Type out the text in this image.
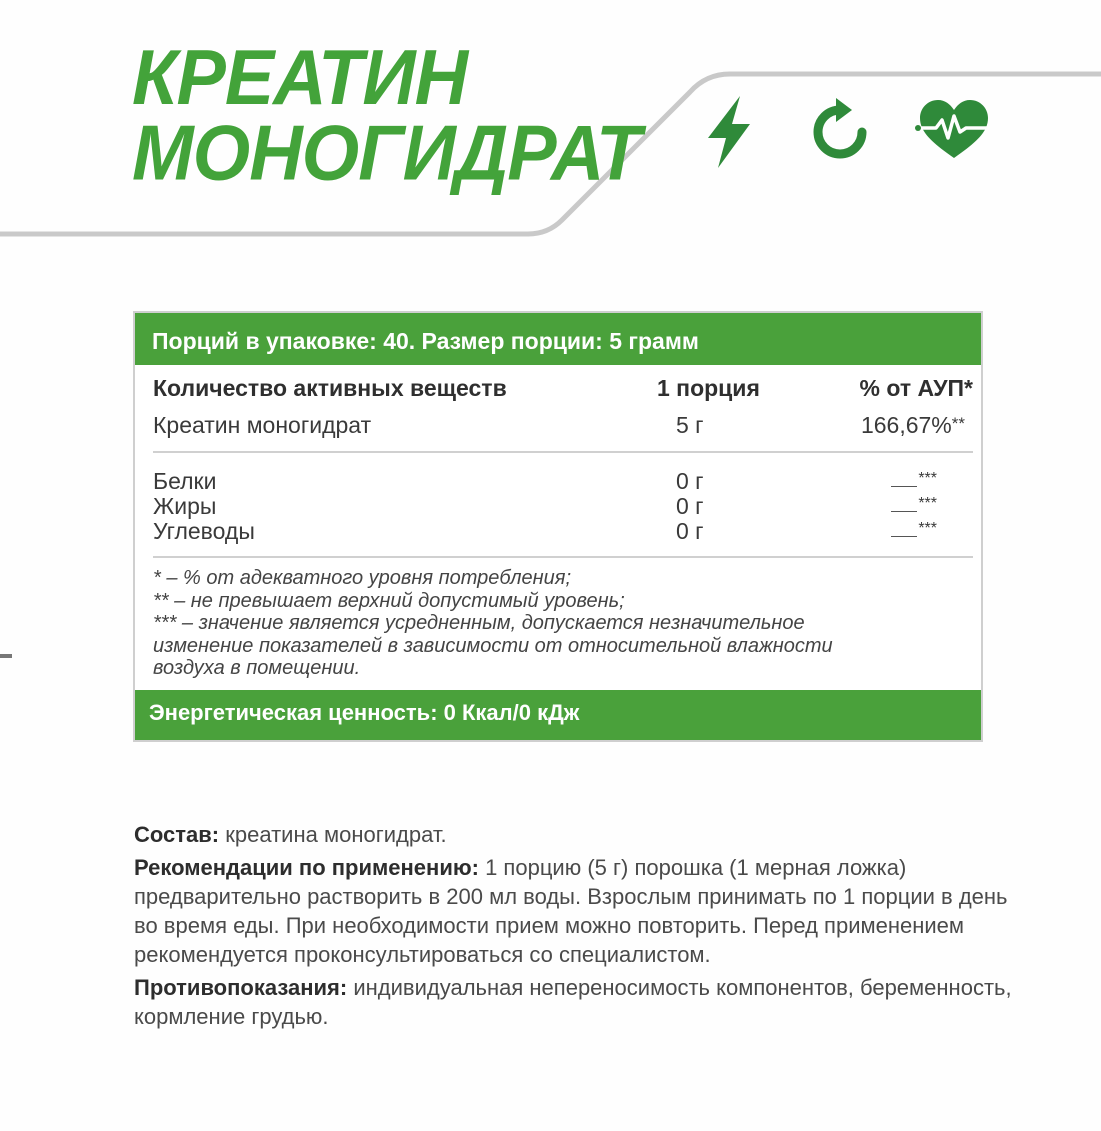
КРЕАТИН
МОНОГИДРАТ
Порций в упаковке: 40. Размер порции: 5 грамм
Количество активных веществ	1 порция	% от АУП*
Креатин моногидрат	5 г	166,67%**
Белки	0 г	***
Жиры	0 г	***
Углеводы	0 г	***
* – % от адекватного уровня потребления;
** – не превышает верхний допустимый уровень;
*** – значение является усредненным, допускается незначительное
изменение показателей в зависимости от относительной влажности
воздуха в помещении.
Энергетическая ценность: 0 Ккал/0 кДж

Состав: креатина моногидрат.

Рекомендации по применению: 1 порцию (5 г) порошка (1 мерная ложка) предварительно растворить в 200 мл воды. Взрослым принимать по 1 порции в день во время еды. При необходимости прием можно повторить. Перед применением рекомендуется проконсультироваться со специалистом.

Противопоказания: индивидуальная непереносимость компонентов, беременность, кормление грудью.
